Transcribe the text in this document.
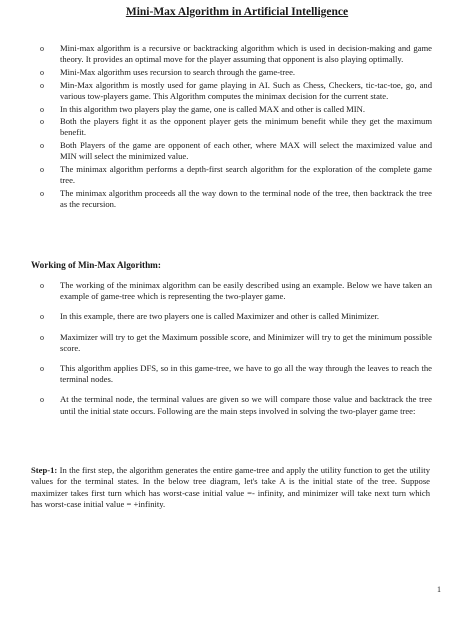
Mini-Max Algorithm in Artificial Intelligence
o Mini-max algorithm is a recursive or backtracking algorithm which is used in decision-making and game theory. It provides an optimal move for the player assuming that opponent is also playing optimally.
o Mini-Max algorithm uses recursion to search through the game-tree.
o Min-Max algorithm is mostly used for game playing in AI. Such as Chess, Checkers, tic-tac-toe, go, and various tow-players game. This Algorithm computes the minimax decision for the current state.
o In this algorithm two players play the game, one is called MAX and other is called MIN.
o Both the players fight it as the opponent player gets the minimum benefit while they get the maximum benefit.
o Both Players of the game are opponent of each other, where MAX will select the maximized value and MIN will select the minimized value.
o The minimax algorithm performs a depth-first search algorithm for the exploration of the complete game tree.
o The minimax algorithm proceeds all the way down to the terminal node of the tree, then backtrack the tree as the recursion.
Working of Min-Max Algorithm:
o The working of the minimax algorithm can be easily described using an example. Below we have taken an example of game-tree which is representing the two-player game.
o In this example, there are two players one is called Maximizer and other is called Minimizer.
o Maximizer will try to get the Maximum possible score, and Minimizer will try to get the minimum possible score.
o This algorithm applies DFS, so in this game-tree, we have to go all the way through the leaves to reach the terminal nodes.
o At the terminal node, the terminal values are given so we will compare those value and backtrack the tree until the initial state occurs. Following are the main steps involved in solving the two-player game tree:

Step-1: In the first step, the algorithm generates the entire game-tree and apply the utility function to get the utility values for the terminal states. In the below tree diagram, let's take A is the initial state of the tree. Suppose maximizer takes first turn which has worst-case initial value =- infinity, and minimizer will take next turn which has worst-case initial value = +infinity.

1
